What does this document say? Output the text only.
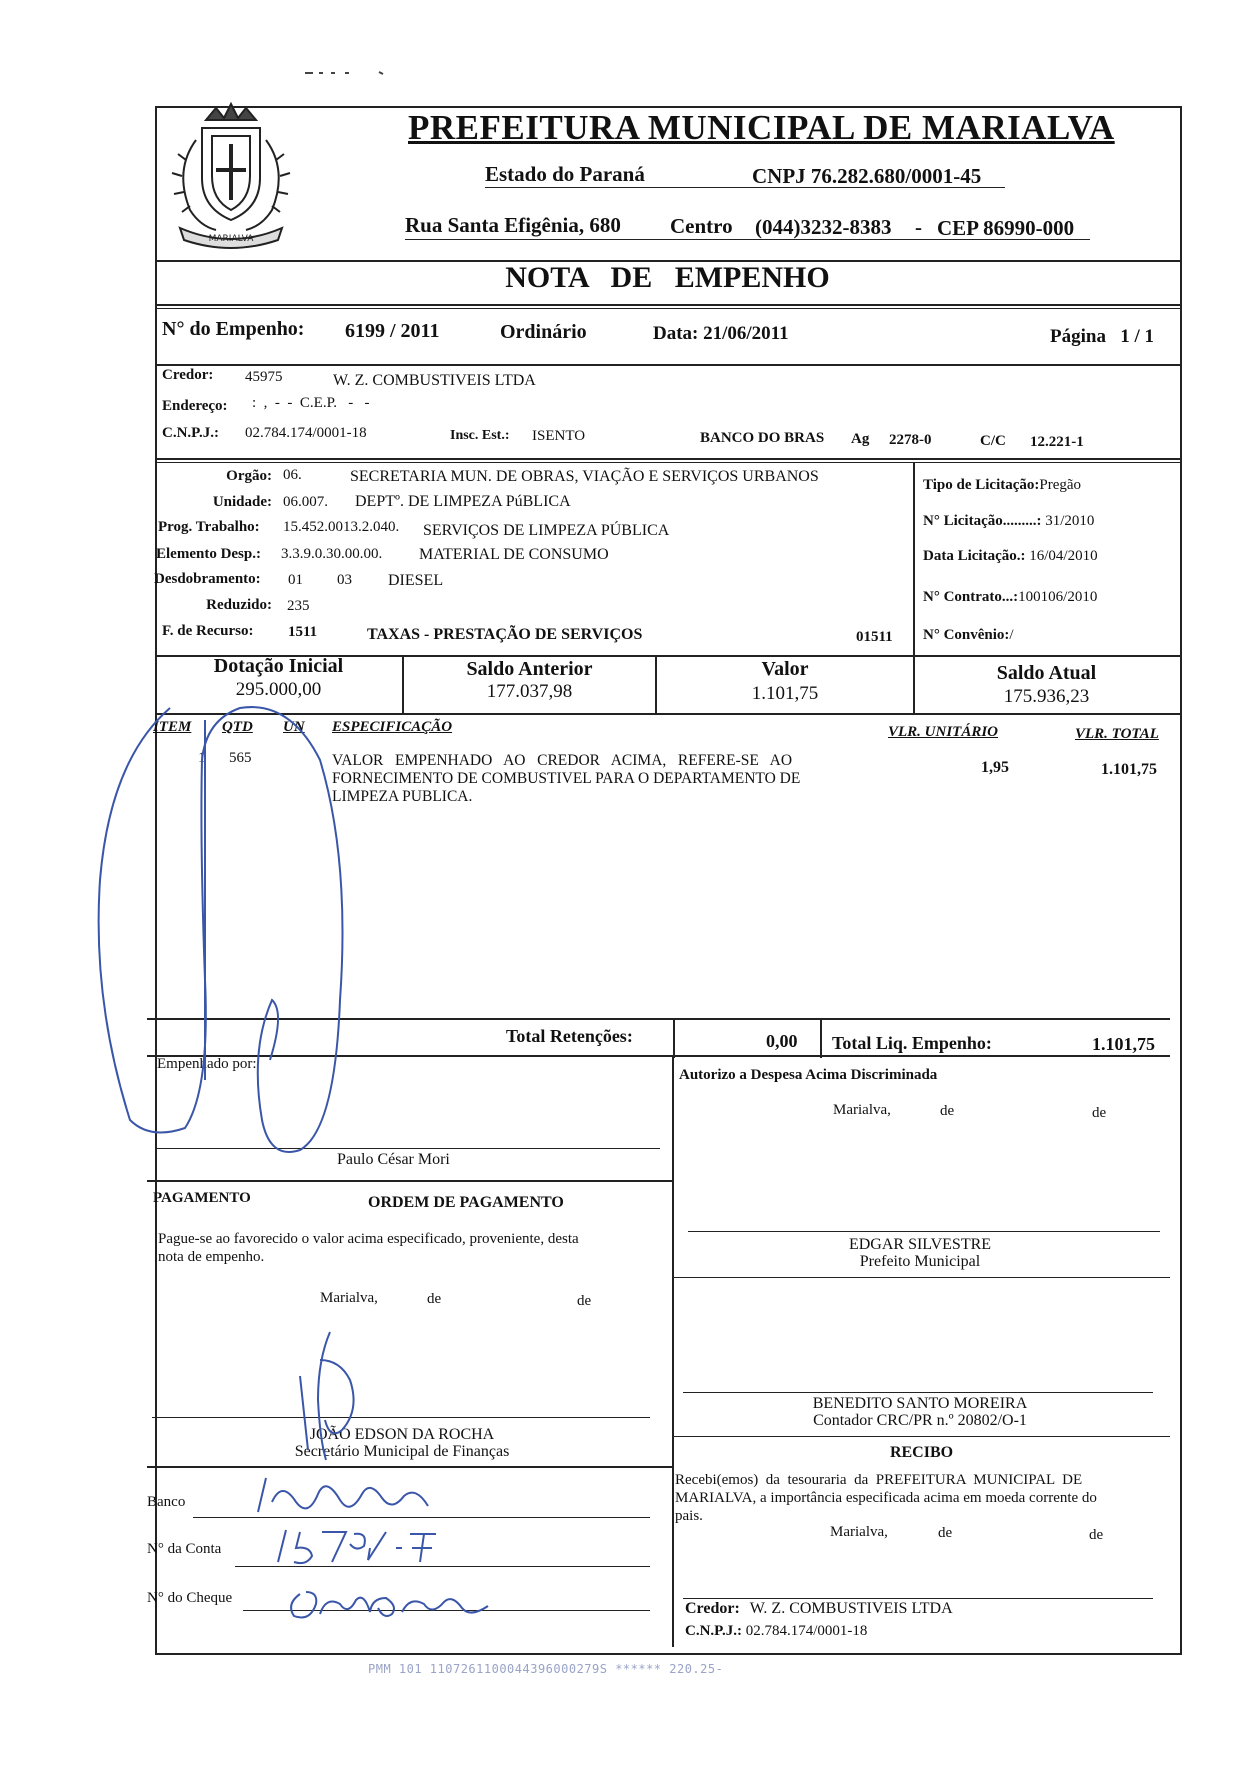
MARIALVA
PREFEITURA MUNICIPAL DE MARIALVA
Estado do Paraná	CNPJ 76.282.680/0001-45
Rua Santa Efigênia, 680 Centro (044)3232-8383 - CEP 86990-000
NOTA   DE   EMPENHO
N° do Empenho: 6199 / 2011	Ordinário	Data: 21/06/2011	Página   1 / 1
Credor: 45975	W. Z. COMBUSTIVEIS LTDA
Endereço: :  ,  -  -  C.E.P.   -   -
C.N.P.J.: 02.784.174/0001-18	Insc. Est.: ISENTO	BANCO DO BRAS Ag 2278-0	C/C 12.221-1
Orgão: 06.	SECRETARIA MUN. DE OBRAS, VIAÇÃO E SERVIÇOS URBANOS
Unidade: 06.007. DEPTº. DE LIMPEZA PúBLICA
Prog. Trabalho: 15.452.0013.2.040. SERVIÇOS DE LIMPEZA PÚBLICA
Elemento Desp.: 3.3.9.0.30.00.00. MATERIAL DE CONSUMO
Desdobramento: 01 03 DIESEL
Reduzido: 235
F. de Recurso: 1511	TAXAS - PRESTAÇÃO DE SERVIÇOS	01511
Tipo de Licitação:Pregão
N° Licitação.........: 31/2010
Data Licitação.: 16/04/2010
N° Contrato...:100106/2010
N° Convênio:/
Dotação Inicial
295.000,00
Saldo Anterior
177.037,98
Valor
1.101,75
Saldo Atual
175.936,23
ITEM QTD UN ESPECIFICAÇÃO	VLR. UNITÁRIO	VLR. TOTAL
1 565	VALOR   EMPENHADO   AO   CREDOR   ACIMA,   REFERE-SE   AO
FORNECIMENTO DE COMBUSTIVEL PARA O DEPARTAMENTO DE
LIMPEZA PUBLICA.
1,95	1.101,75
Total Retenções:	0,00 Total Liq. Empenho:	1.101,75
Empenhado por:
Paulo César Mori
Autorizo a Despesa Acima Discriminada
Marialva,	de	de
EDGAR SILVESTRE
Prefeito Municipal
PAGAMENTO	ORDEM DE PAGAMENTO
Pague-se ao favorecido o valor acima especificado, proveniente, desta
nota de empenho.
Marialva,	de	de
JOÃO EDSON DA ROCHA
Secretário Municipal de Finanças
BENEDITO SANTO MOREIRA
Contador CRC/PR n.º 20802/O-1
RECIBO
Recebi(emos)  da  tesouraria  da  PREFEITURA  MUNICIPAL  DE
MARIALVA, a importância especificada acima em moeda corrente do
pais.
Marialva,	de	de
Credor: W. Z. COMBUSTIVEIS LTDA
C.N.P.J.: 02.784.174/0001-18
Banco
N° da Conta
N° do Cheque
PMM 101 1107261100044396000279S ****** 220.25-
